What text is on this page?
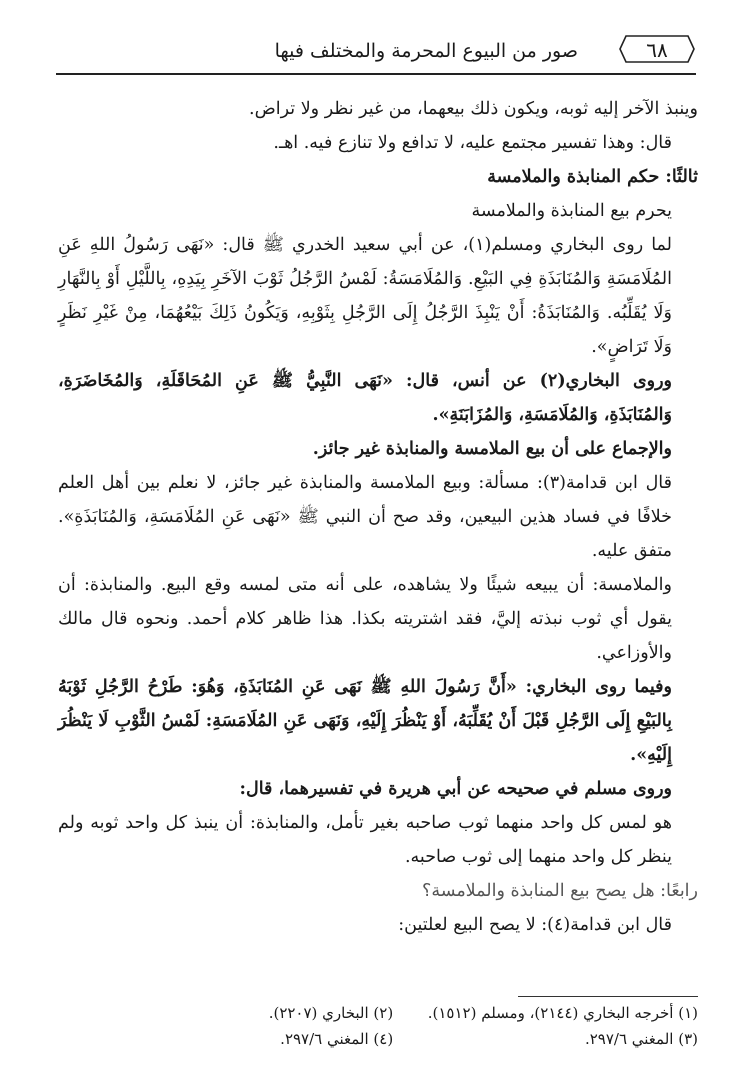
صور من البيوع المحرمة والمختلف فيها	٦٨

وينبذ الآخر إليه ثوبه، ويكون ذلك بيعهما، من غير نظر ولا تراض.

قال: وهذا تفسير مجتمع عليه، لا تدافع ولا تنازع فيه. اهـ.

ثالثًا: حكم المنابذة والملامسة

يحرم بيع المنابذة والملامسة

لما روى البخاري ومسلم(١)، عن أبي سعيد الخدري ﷺ قال: «نَهَى رَسُولُ اللهِ عَنِ المُلَامَسَةِ وَالمُنَابَذَةِ فِي البَيْعِ. وَالمُلَامَسَةُ: لَمْسُ الرَّجُلُ ثَوْبَ الآخَرِ بِيَدِهِ، بِاللَّيْلِ أَوْ بِالنَّهَارِ وَلَا يُقَلِّبُه. وَالمُنَابَذَةُ: أَنْ يَنْبِذَ الرَّجُلُ إِلَى الرَّجُلِ بِثَوْبِهِ، وَيَكُونُ ذَلِكَ بَيْعُهُمَا، مِنْ غَيْرِ نَظَرٍ وَلَا تَرَاضٍ».

وروى البخاري(٢) عن أنس، قال: «نَهَى النَّبِيُّ ﷺ عَنِ المُحَاقَلَةِ، وَالمُخَاضَرَةِ، وَالمُنَابَذَةِ، وَالمُلَامَسَةِ، وَالمُزَابَنَةِ».

والإجماع على أن بيع الملامسة والمنابذة غير جائز.

قال ابن قدامة(٣): مسألة: وبيع الملامسة والمنابذة غير جائز، لا نعلم بين أهل العلم خلافًا في فساد هذين البيعين، وقد صح أن النبي ﷺ «نَهَى عَنِ المُلَامَسَةِ، وَالمُنَابَذَةِ». متفق عليه.

والملامسة: أن يبيعه شيئًا ولا يشاهده، على أنه متى لمسه وقع البيع. والمنابذة: أن يقول أي ثوب نبذته إليَّ، فقد اشتريته بكذا. هذا ظاهر كلام أحمد. ونحوه قال مالك والأوزاعي.

وفيما روى البخاري: «أَنَّ رَسُولَ اللهِ ﷺ نَهَى عَنِ المُنَابَذَةِ، وَهُوَ: طَرْحُ الرَّجُلِ ثَوْبَهُ بِالبَيْعِ إِلَى الرَّجُلِ قَبْلَ أَنْ يُقَلِّبَهُ، أَوْ يَنْظُرَ إِلَيْهِ، وَنَهَى عَنِ المُلَامَسَةِ: لَمْسُ الثَّوْبِ لَا يَنْظُرَ إِلَيْهِ».

وروى مسلم في صحيحه عن أبي هريرة في تفسيرهما، قال:

هو لمس كل واحد منهما ثوب صاحبه بغير تأمل، والمنابذة: أن ينبذ كل واحد ثوبه ولم ينظر كل واحد منهما إلى ثوب صاحبه.

رابعًا: هل يصح بيع المنابذة والملامسة؟

قال ابن قدامة(٤): لا يصح البيع لعلتين:

(١) أخرجه البخاري (٢١٤٤)، ومسلم (١٥١٢). (٢) البخاري (٢٢٠٧).
(٣) المغني ٢٩٧/٦. (٤) المغني ٢٩٧/٦.
